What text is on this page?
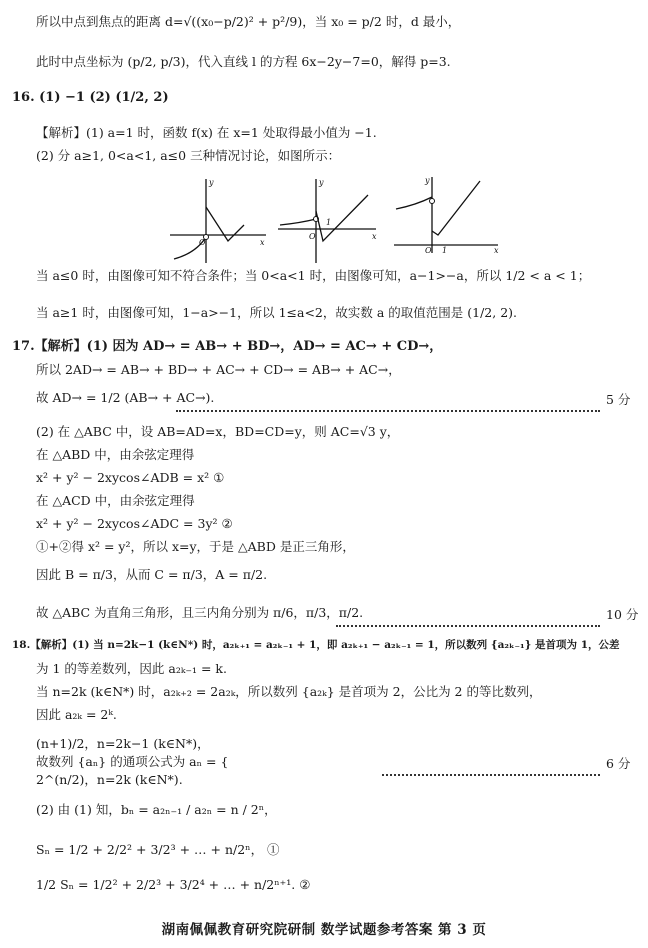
所以中点到焦点的距离 d=√((x₀−p/2)² + p²/9)，当 x₀ = p/2 时，d 最小，
此时中点坐标为 (p/2, p/3)，代入直线 l 的方程 6x−2y−7=0，解得 p=3.
16. (1) −1 (2) (1/2, 2)
【解析】(1) a=1 时，函数 f(x) 在 x=1 处取得最小值为 −1.
(2) 分 a≥1, 0<a<1, a≤0 三种情况讨论，如图所示：
当 a≤0 时，由图像可知不符合条件；当 0<a<1 时，由图像可知，a−1>−a，所以 1/2 < a < 1；
当 a≥1 时，由图像可知，1−a>−1，所以 1≤a<2，故实数 a 的取值范围是 (1/2, 2).
17.【解析】(1) 因为 AD→ = AB→ + BD→，AD→ = AC→ + CD→，
所以 2AD→ = AB→ + BD→ + AC→ + CD→ = AB→ + AC→，
故 AD→ = 1/2 (AB→ + AC→).
(2) 在 △ABC 中，设 AB=AD=x，BD=CD=y，则 AC=√3 y，
在 △ABD 中，由余弦定理得
x² + y² − 2xycos∠ADB = x² ①
在 △ACD 中，由余弦定理得
x² + y² − 2xycos∠ADC = 3y² ②
①+②得 x² = y²，所以 x=y，于是 △ABD 是正三角形，
因此 B = π/3，从而 C = π/3，A = π/2.
故 △ABC 为直角三角形，且三内角分别为 π/6，π/3，π/2.
18.【解析】(1) 当 n=2k−1 (k∈N*) 时，a₂ₖ₊₁ = a₂ₖ₋₁ + 1，即 a₂ₖ₊₁ − a₂ₖ₋₁ = 1，所以数列 {a₂ₖ₋₁} 是首项为 1，公差
为 1 的等差数列，因此 a₂ₖ₋₁ = k.
当 n=2k (k∈N*) 时，a₂ₖ₊₂ = 2a₂ₖ，所以数列 {a₂ₖ} 是首项为 2，公比为 2 的等比数列，
因此 a₂ₖ = 2ᵏ.
(n+1)/2，n=2k−1 (k∈N*)，
故数列 {aₙ} 的通项公式为 aₙ = {
2^(n/2)，n=2k (k∈N*).
(2) 由 (1) 知，bₙ = a₂ₙ₋₁ / a₂ₙ = n / 2ⁿ，
Sₙ = 1/2 + 2/2² + 3/2³ + … + n/2ⁿ， ①
1/2 Sₙ = 1/2² + 2/2³ + 3/2⁴ + … + n/2ⁿ⁺¹. ②
5 分
10 分
6 分
y
x
O
y
x
O
1
y
x
O 1
湖南佩佩教育研究院研制 数学试题参考答案 第 3 页
